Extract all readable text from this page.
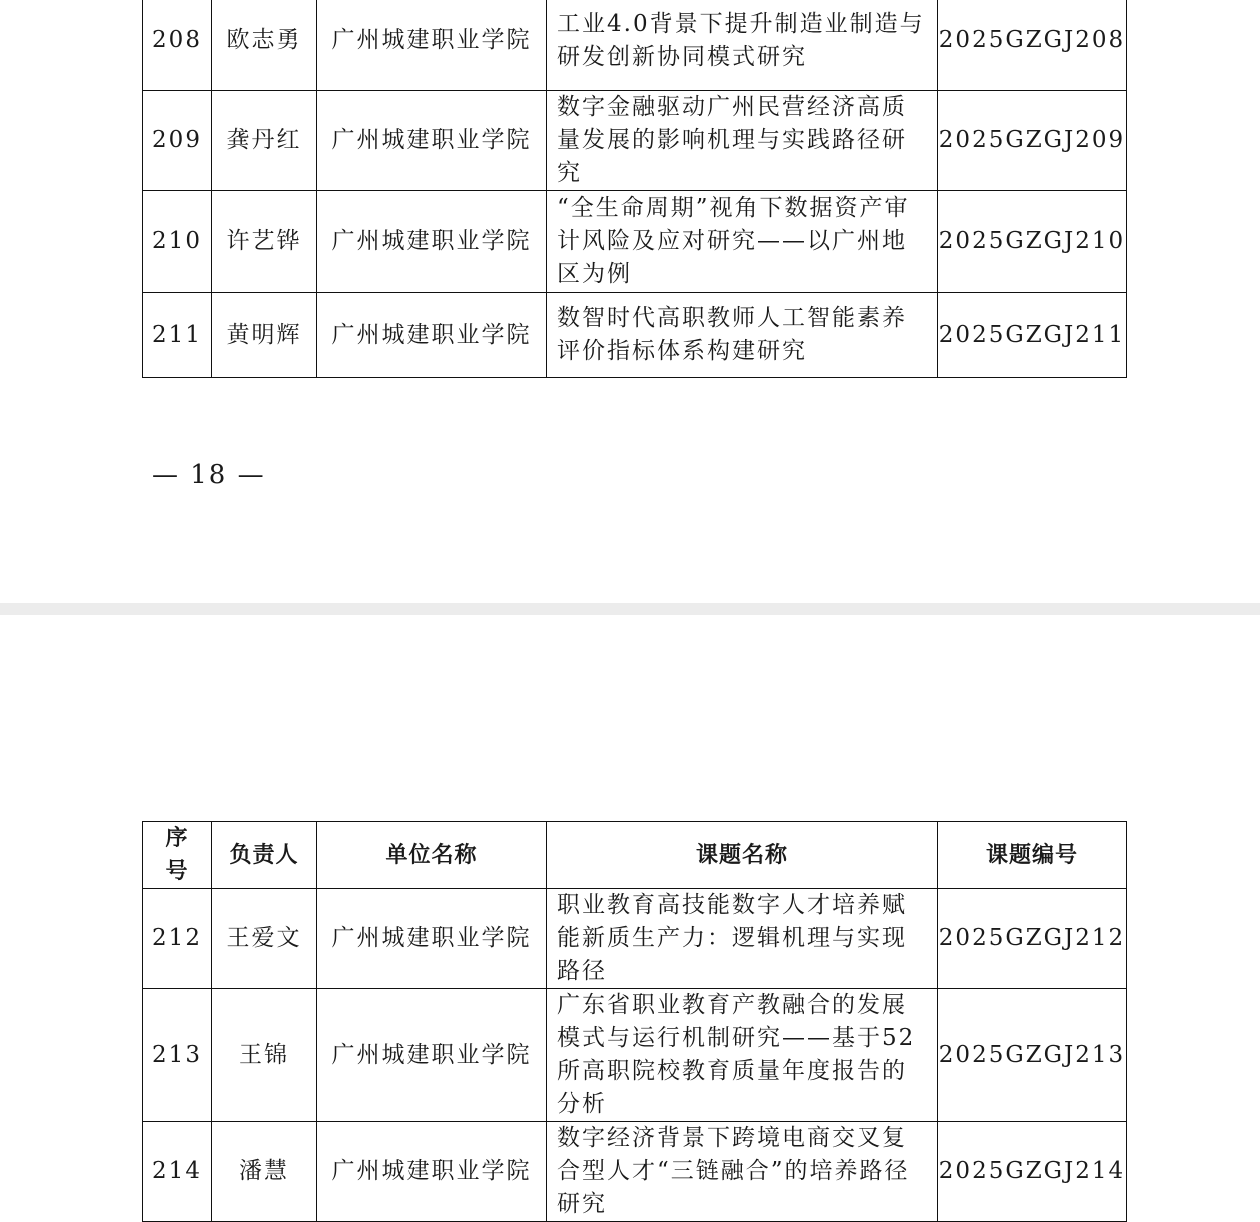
208	欧志勇	广州城建职业学院	工业4.0背景下提升制造业制造与研发创新协同模式研究	2025GZGJ208
209	龚丹红	广州城建职业学院	数字金融驱动广州民营经济高质量发展的影响机理与实践路径研究	2025GZGJ209
210	许艺铧	广州城建职业学院	“全生命周期”视角下数据资产审计风险及应对研究——以广州地区为例	2025GZGJ210
211	黄明辉	广州城建职业学院	数智时代高职教师人工智能素养评价指标体系构建研究	2025GZGJ211
— 18 —
序号	负责人	单位名称	课题名称	课题编号
212	王爱文	广州城建职业学院	职业教育高技能数字人才培养赋能新质生产力：逻辑机理与实现路径	2025GZGJ212
213	王锦	广州城建职业学院	广东省职业教育产教融合的发展模式与运行机制研究——基于52所高职院校教育质量年度报告的分析	2025GZGJ213
214	潘慧	广州城建职业学院	数字经济背景下跨境电商交叉复合型人才“三链融合”的培养路径研究	2025GZGJ214
